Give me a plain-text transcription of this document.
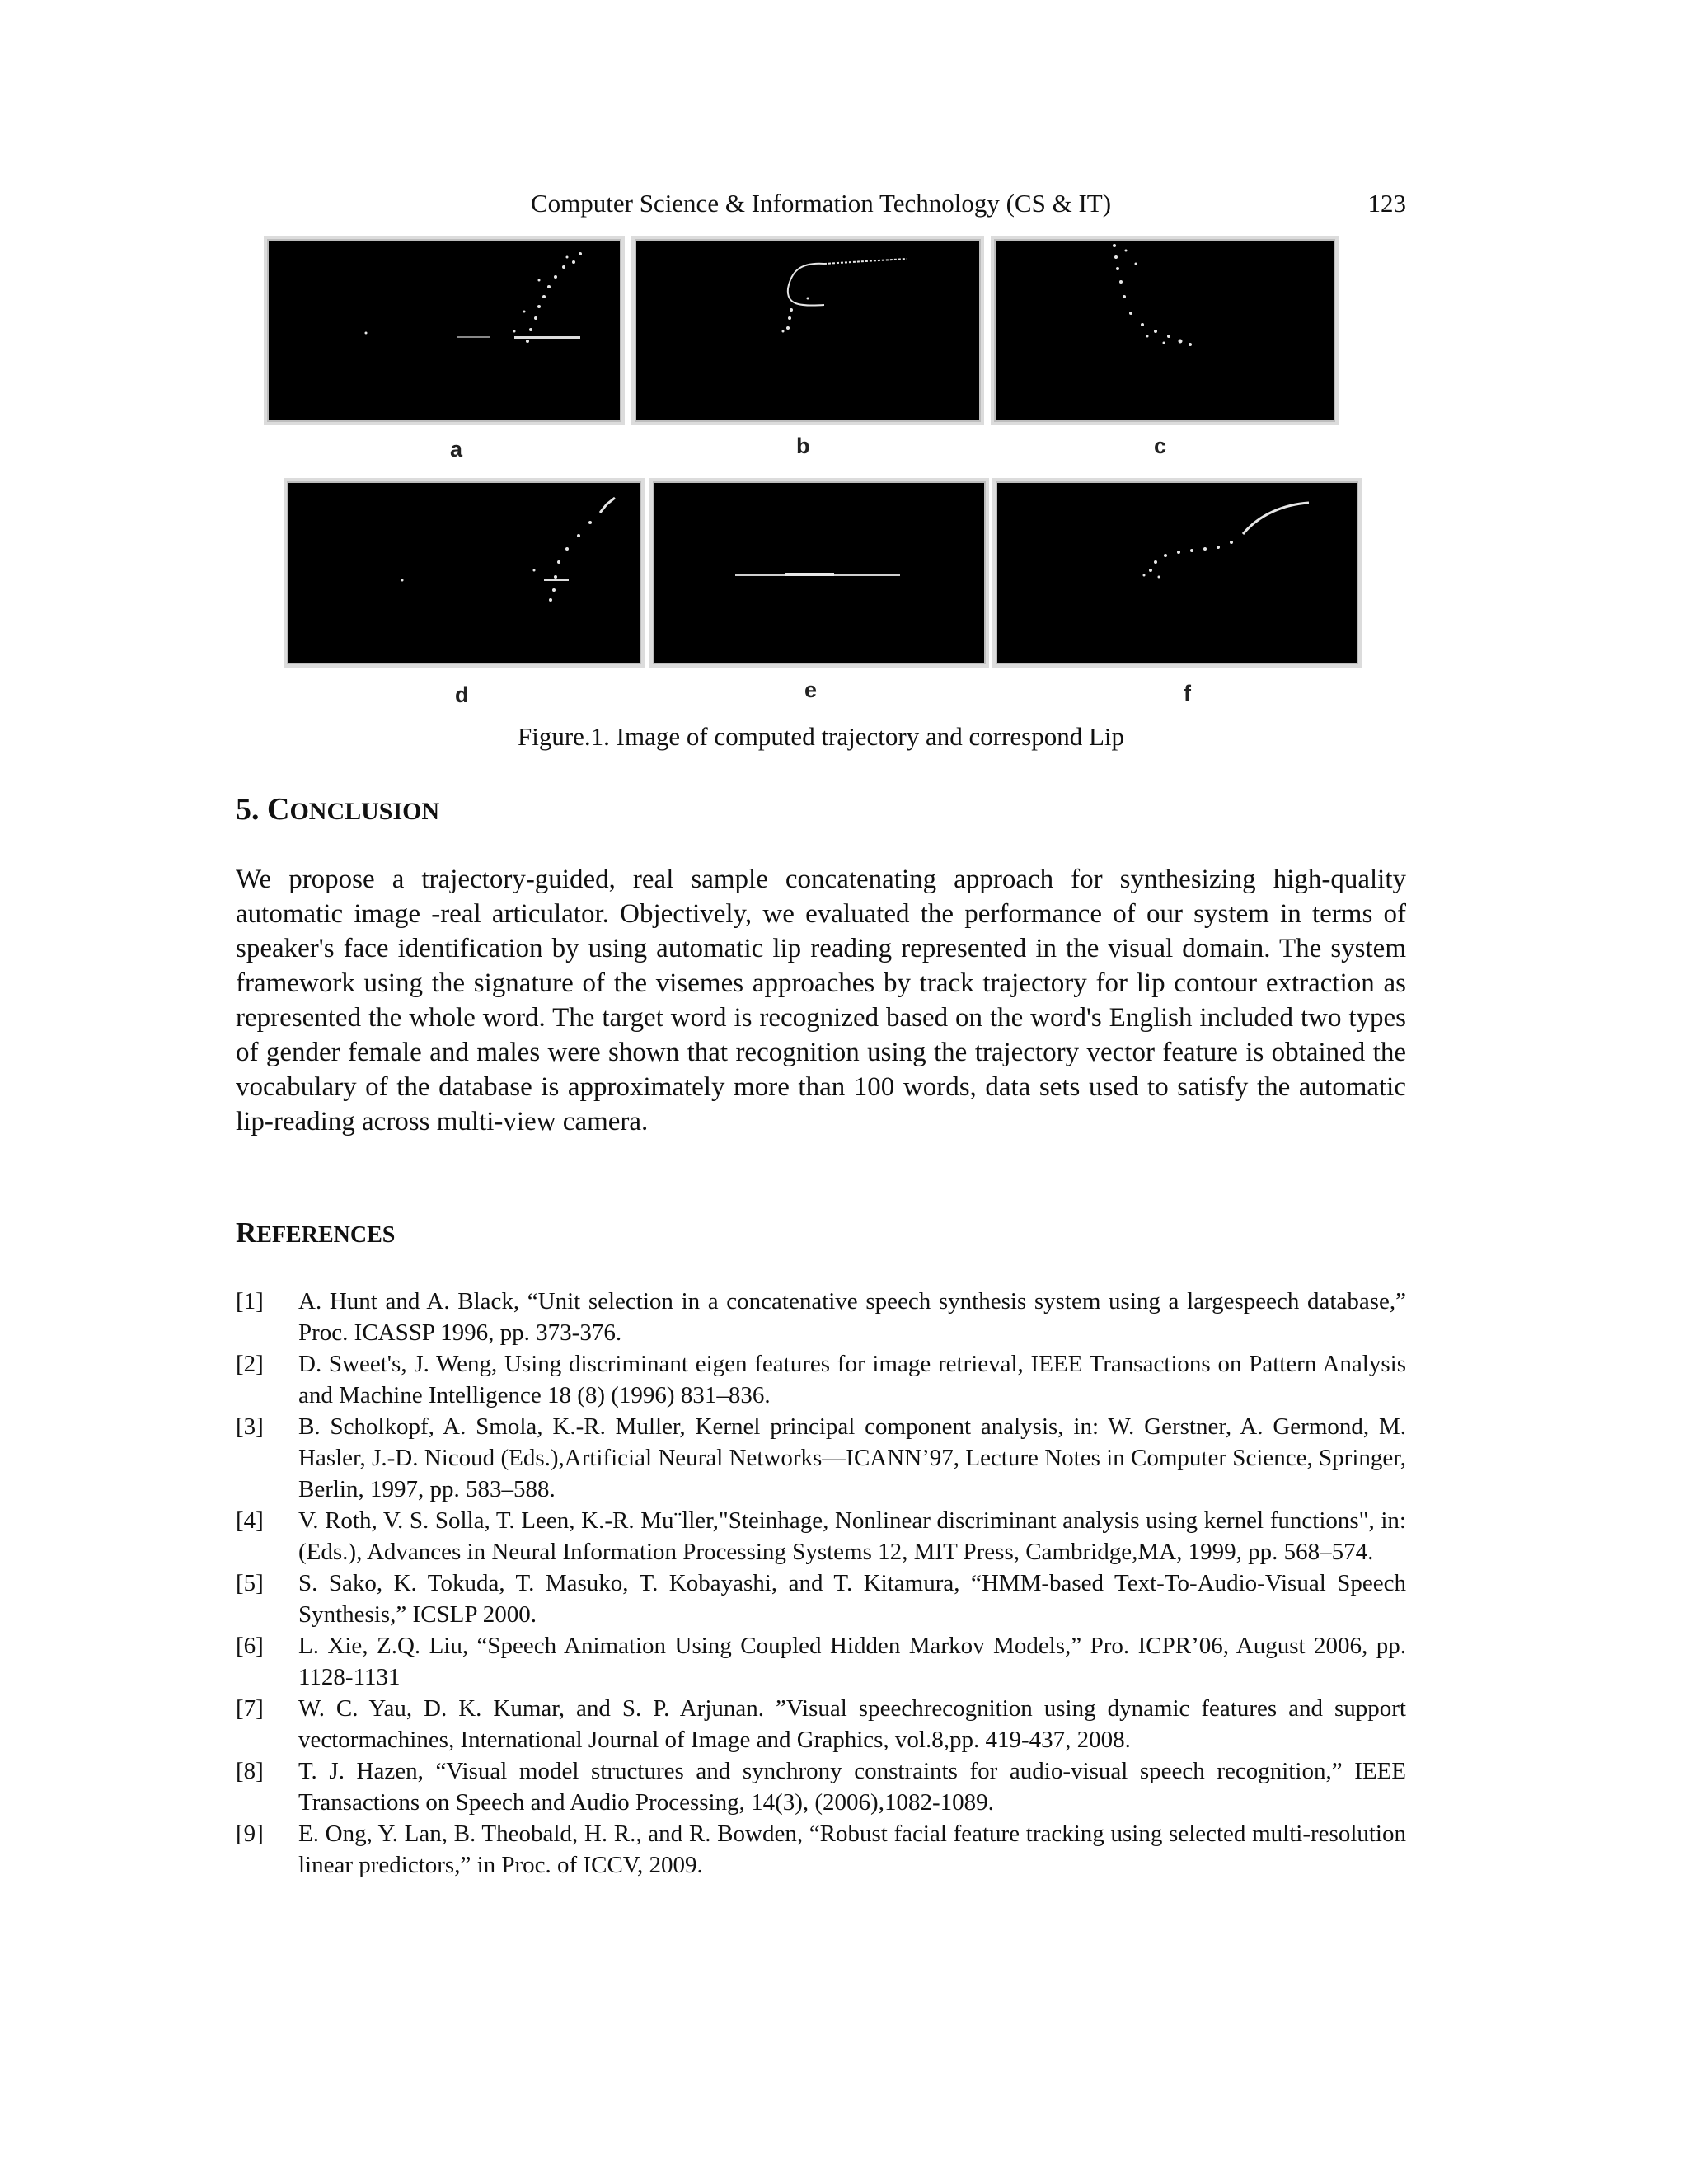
Computer Science & Information Technology (CS & IT)	123
a	b	c
d	e	f
Figure.1. Image of computed trajectory and correspond Lip
5. CONCLUSION

We propose a trajectory-guided, real sample concatenating approach for synthesizing high-quality automatic image -real articulator. Objectively, we evaluated the performance of our system in terms of speaker's face identification by using automatic lip reading represented in the visual domain. The system framework using the signature of the visemes approaches by track trajectory for lip contour extraction as represented the whole word. The target word is recognized based on the word's English included two types of gender female and males were shown that recognition using the trajectory vector feature is obtained the vocabulary of the database is approximately more than 100 words, data sets used to satisfy the automatic lip-reading across multi-view camera.

REFERENCES
[1] A. Hunt and A. Black, “Unit selection in a concatenative speech synthesis system using a largespeech database,” Proc. ICASSP 1996, pp. 373-376.
[2] D. Sweet's, J. Weng, Using discriminant eigen features for image retrieval, IEEE Transactions on Pattern Analysis and Machine Intelligence 18 (8) (1996) 831–836.
[3] B. Scholkopf, A. Smola, K.-R. Muller, Kernel principal component analysis, in: W. Gerstner, A. Germond, M. Hasler, J.-D. Nicoud (Eds.),Artificial Neural Networks—ICANN’97, Lecture Notes in Computer Science, Springer, Berlin, 1997, pp. 583–588.
[4] V. Roth, V. S. Solla, T. Leen, K.-R. Mu¨ller,"Steinhage, Nonlinear discriminant analysis using kernel functions", in: (Eds.), Advances in Neural Information Processing Systems 12, MIT Press, Cambridge,MA, 1999, pp. 568–574.
[5] S. Sako, K. Tokuda, T. Masuko, T. Kobayashi, and T. Kitamura, “HMM-based Text-To-Audio-Visual Speech Synthesis,” ICSLP 2000.
[6] L. Xie, Z.Q. Liu, “Speech Animation Using Coupled Hidden Markov Models,” Pro. ICPR’06, August 2006, pp. 1128-1131
[7] W. C. Yau, D. K. Kumar, and S. P. Arjunan. ”Visual speechrecognition using dynamic features and support vectormachines, International Journal of Image and Graphics, vol.8,pp. 419-437, 2008.
[8] T. J. Hazen, “Visual model structures and synchrony constraints for audio-visual speech recognition,” IEEE Transactions on Speech and Audio Processing, 14(3), (2006),1082-1089.
[9] E. Ong, Y. Lan, B. Theobald, H. R., and R. Bowden, “Robust facial feature tracking using selected multi-resolution linear predictors,” in Proc. of ICCV, 2009.
